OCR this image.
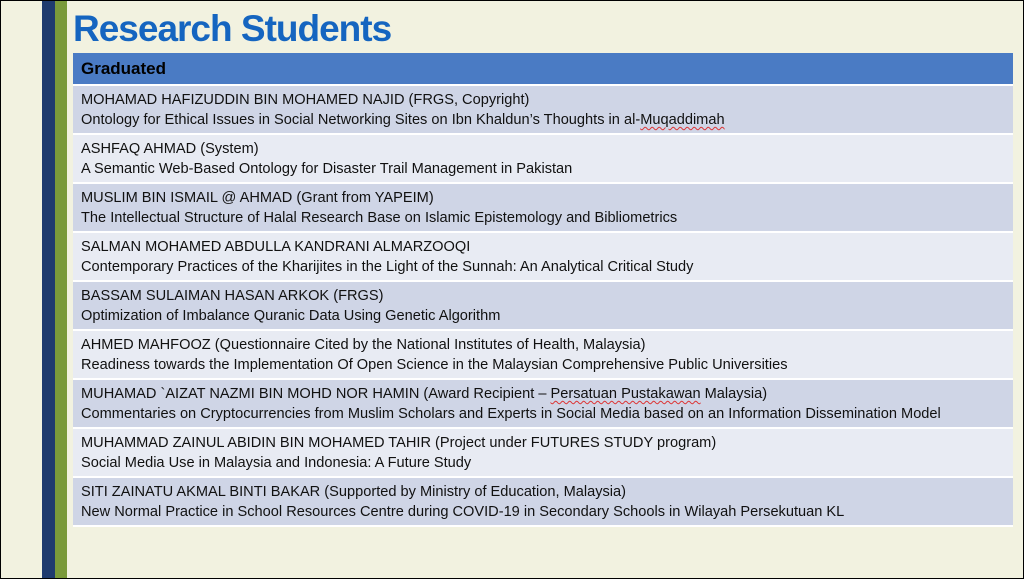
Research Students
Graduated
MOHAMAD HAFIZUDDIN BIN MOHAMED NAJID (FRGS, Copyright)
Ontology for Ethical Issues in Social Networking Sites on Ibn Khaldun’s Thoughts in al-Muqaddimah
ASHFAQ AHMAD (System)
A Semantic Web-Based Ontology for Disaster Trail Management in Pakistan
MUSLIM BIN ISMAIL @ AHMAD (Grant from YAPEIM)
The Intellectual Structure of Halal Research Base on Islamic Epistemology and Bibliometrics
SALMAN MOHAMED ABDULLA KANDRANI ALMARZOOQI
Contemporary Practices of the Kharijites in the Light of the Sunnah: An Analytical Critical Study
BASSAM SULAIMAN HASAN ARKOK (FRGS)
Optimization of Imbalance Quranic Data Using Genetic Algorithm
AHMED MAHFOOZ (Questionnaire Cited by the National Institutes of Health, Malaysia)
Readiness towards the Implementation Of Open Science in the Malaysian Comprehensive Public Universities
MUHAMAD `AIZAT NAZMI BIN MOHD NOR HAMIN (Award Recipient – Persatuan Pustakawan Malaysia)
Commentaries on Cryptocurrencies from Muslim Scholars and Experts in Social Media based on an Information Dissemination Model
MUHAMMAD ZAINUL ABIDIN BIN MOHAMED TAHIR (Project under FUTURES STUDY program)
Social Media Use in Malaysia and Indonesia: A Future Study
SITI ZAINATU AKMAL BINTI BAKAR (Supported by Ministry of Education, Malaysia)
New Normal Practice in School Resources Centre during COVID-19 in Secondary Schools in Wilayah Persekutuan KL
